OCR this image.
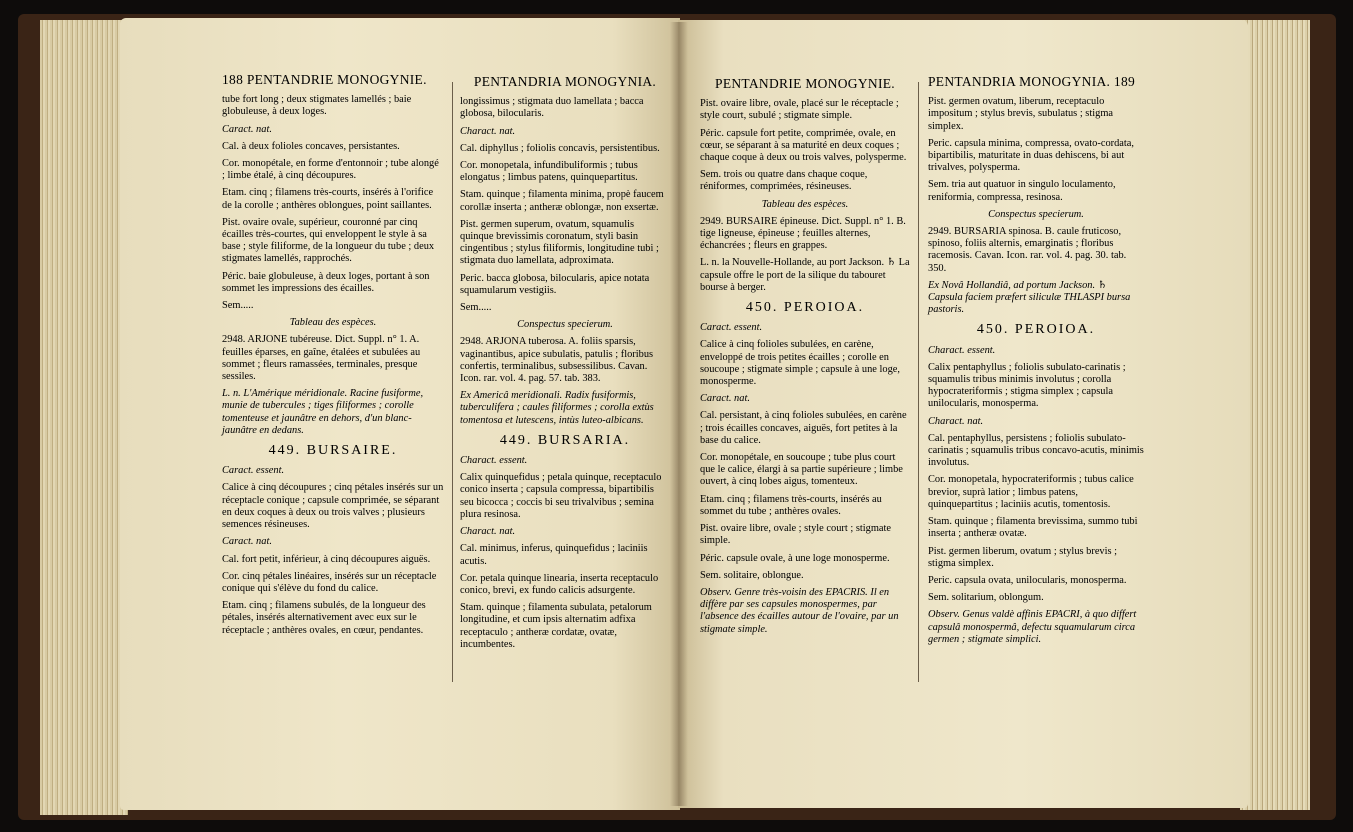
188 PENTANDRIE MONOGYNIE.

tube fort long ; deux stigmates lamellés ; baie globuleuse, à deux loges.

Caract. nat.

Cal. à deux folioles concaves, persistantes.

Cor. monopétale, en forme d'entonnoir ; tube alongé ; limbe étalé, à cinq découpures.

Etam. cinq ; filamens très-courts, insérés à l'orifice de la corolle ; anthères oblongues, point saillantes.

Pist. ovaire ovale, supérieur, couronné par cinq écailles très-courtes, qui enveloppent le style à sa base ; style filiforme, de la longueur du tube ; deux stigmates lamellés, rapprochés.

Péric. baie globuleuse, à deux loges, portant à son sommet les impressions des écailles.

Sem.....

Tableau des espèces.

2948. ARJONE tubéreuse. Dict. Suppl. n° 1. A. feuilles éparses, en gaîne, étalées et subulées au sommet ; fleurs ramassées, terminales, presque sessiles.

L. n. L'Amérique méridionale. Racine fusiforme, munie de tubercules ; tiges filiformes ; corolle tomenteuse et jaunâtre en dehors, d'un blanc-jaunâtre en dedans.

449. BURSAIRE.

Caract. essent.

Calice à cinq découpures ; cinq pétales insérés sur un réceptacle conique ; capsule comprimée, se séparant en deux coques à deux ou trois valves ; plusieurs semences résineuses.

Caract. nat.

Cal. fort petit, inférieur, à cinq découpures aiguës.

Cor. cinq pétales linéaires, insérés sur un réceptacle conique qui s'élève du fond du calice.

Etam. cinq ; filamens subulés, de la longueur des pétales, insérés alternativement avec eux sur le réceptacle ; anthères ovales, en cœur, pendantes.

PENTANDRIA MONOGYNIA.

longissimus ; stigmata duo lamellata ; bacca globosa, bilocularis.

Charact. nat.

Cal. diphyllus ; foliolis concavis, persistentibus.

Cor. monopetala, infundibuliformis ; tubus elongatus ; limbus patens, quinquepartitus.

Stam. quinque ; filamenta minima, propè faucem corollæ inserta ; antheræ oblongæ, non exsertæ.

Pist. germen superum, ovatum, squamulis quinque brevissimis coronatum, styli basin cingentibus ; stylus filiformis, longitudine tubi ; stigmata duo lamellata, adproximata.

Peric. bacca globosa, bilocularis, apice notata squamularum vestigiis.

Sem.....

Conspectus specierum.

2948. ARJONA tuberosa. A. foliis sparsis, vaginantibus, apice subulatis, patulis ; floribus confertis, terminalibus, subsessilibus. Cavan. Icon. rar. vol. 4. pag. 57. tab. 383.

Ex Americâ meridionali. Radix fusiformis, tuberculifera ; caules filiformes ; corolla extùs tomentosa et lutescens, intùs luteo-albicans.

449. BURSARIA.

Charact. essent.

Calix quinquefidus ; petala quinque, receptaculo conico inserta ; capsula compressa, bipartibilis seu bicocca ; coccis bi seu trivalvibus ; semina plura resinosa.

Charact. nat.

Cal. minimus, inferus, quinquefidus ; laciniis acutis.

Cor. petala quinque linearia, inserta receptaculo conico, brevi, ex fundo calicis adsurgente.

Stam. quinque ; filamenta subulata, petalorum longitudine, et cum ipsis alternatim adfixa receptaculo ; antheræ cordatæ, ovatæ, incumbentes.

PENTANDRIE MONOGYNIE.

Pist. ovaire libre, ovale, placé sur le réceptacle ; style court, subulé ; stigmate simple.

Péric. capsule fort petite, comprimée, ovale, en cœur, se séparant à sa maturité en deux coques ; chaque coque à deux ou trois valves, polysperme.

Sem. trois ou quatre dans chaque coque, réniformes, comprimées, résineuses.

Tableau des espèces.

2949. BURSAIRE épineuse. Dict. Suppl. n° 1. B. tige ligneuse, épineuse ; feuilles alternes, échancrées ; fleurs en grappes.

L. n. la Nouvelle-Hollande, au port Jackson. ♄ La capsule offre le port de la silique du tabouret bourse à berger.

450. PEROIOA.

Caract. essent.

Calice à cinq folioles subulées, en carène, enveloppé de trois petites écailles ; corolle en soucoupe ; stigmate simple ; capsule à une loge, monosperme.

Caract. nat.

Cal. persistant, à cinq folioles subulées, en carène ; trois écailles concaves, aiguës, fort petites à la base du calice.

Cor. monopétale, en soucoupe ; tube plus court que le calice, élargi à sa partie supérieure ; limbe ouvert, à cinq lobes aigus, tomenteux.

Etam. cinq ; filamens très-courts, insérés au sommet du tube ; anthères ovales.

Pist. ovaire libre, ovale ; style court ; stigmate simple.

Péric. capsule ovale, à une loge monosperme.

Sem. solitaire, oblongue.

Observ. Genre très-voisin des EPACRIS. Il en diffère par ses capsules monospermes, par l'absence des écailles autour de l'ovaire, par un stigmate simple.

PENTANDRIA MONOGYNIA. 189

Pist. germen ovatum, liberum, receptaculo impositum ; stylus brevis, subulatus ; stigma simplex.

Peric. capsula minima, compressa, ovato-cordata, bipartibilis, maturitate in duas dehiscens, bi aut trivalves, polysperma.

Sem. tria aut quatuor in singulo loculamento, reniformia, compressa, resinosa.

Conspectus specierum.

2949. BURSARIA spinosa. B. caule fruticoso, spinoso, foliis alternis, emarginatis ; floribus racemosis. Cavan. Icon. rar. vol. 4. pag. 30. tab. 350.

Ex Novâ Hollandiâ, ad portum Jackson. ♄ Capsula faciem præfert siliculæ THLASPI bursa pastoris.

450. PEROIOA.

Charact. essent.

Calix pentaphyllus ; foliolis subulato-carinatis ; squamulis tribus minimis involutus ; corolla hypocrateriformis ; stigma simplex ; capsula unilocularis, monosperma.

Charact. nat.

Cal. pentaphyllus, persistens ; foliolis subulato-carinatis ; squamulis tribus concavo-acutis, minimis involutus.

Cor. monopetala, hypocrateriformis ; tubus calice brevior, suprà latior ; limbus patens, quinquepartitus ; laciniis acutis, tomentosis.

Stam. quinque ; filamenta brevissima, summo tubi inserta ; antheræ ovatæ.

Pist. germen liberum, ovatum ; stylus brevis ; stigma simplex.

Peric. capsula ovata, unilocularis, monosperma.

Sem. solitarium, oblongum.

Observ. Genus valdè affinis EPACRI, à quo differt capsulâ monospermâ, defectu squamularum circa germen ; stigmate simplici.
